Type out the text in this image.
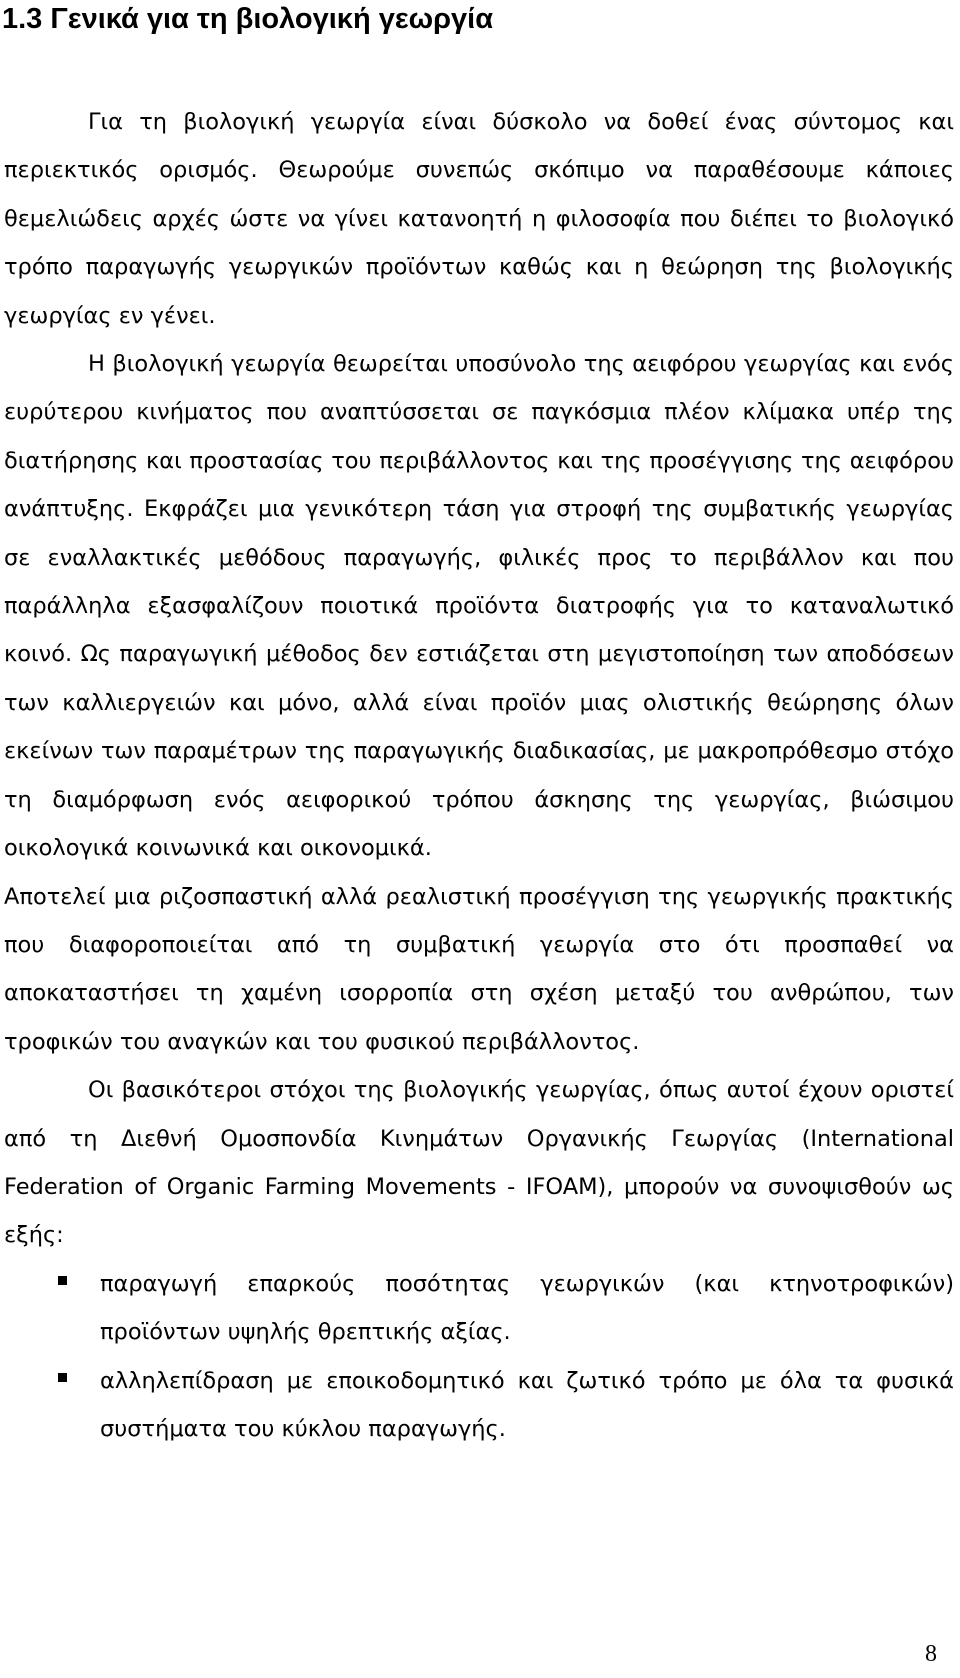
1.3 Γενικά για τη βιολογική γεωργία

Για τη βιολογική γεωργία είναι δύσκολο να δοθεί ένας σύντομος και περιεκτικός ορισμός. Θεωρούμε συνεπώς σκόπιμο να παραθέσουμε κάποιες θεμελιώδεις αρχές ώστε να γίνει κατανοητή η φιλοσοφία που διέπει το βιολογικό τρόπο παραγωγής γεωργικών προϊόντων καθώς και η θεώρηση της βιολογικής γεωργίας εν γένει.

Η βιολογική γεωργία θεωρείται υποσύνολο της αειφόρου γεωργίας και ενός ευρύτερου κινήματος που αναπτύσσεται σε παγκόσμια πλέον κλίμακα υπέρ της διατήρησης και προστασίας του περιβάλλοντος και της προσέγγισης της αειφόρου ανάπτυξης. Εκφράζει μια γενικότερη τάση για στροφή της συμβατικής γεωργίας σε εναλλακτικές μεθόδους παραγωγής, φιλικές προς το περιβάλλον και που παράλληλα εξασφαλίζουν ποιοτικά προϊόντα διατροφής για το καταναλωτικό κοινό. Ως παραγωγική μέθοδος δεν εστιάζεται στη μεγιστοποίηση των αποδόσεων των καλλιεργειών και μόνο, αλλά είναι προϊόν μιας ολιστικής θεώρησης όλων εκείνων των παραμέτρων της παραγωγικής διαδικασίας, με μακροπρόθεσμο στόχο τη διαμόρφωση ενός αειφορικού τρόπου άσκησης της γεωργίας, βιώσιμου οικολογικά κοινωνικά και οικονομικά.

Αποτελεί μια ριζοσπαστική αλλά ρεαλιστική προσέγγιση της γεωργικής πρακτικής που διαφοροποιείται από τη συμβατική γεωργία στο ότι προσπαθεί να αποκαταστήσει τη χαμένη ισορροπία στη σχέση μεταξύ του ανθρώπου, των τροφικών του αναγκών και του φυσικού περιβάλλοντος.

Οι βασικότεροι στόχοι της βιολογικής γεωργίας, όπως αυτοί έχουν οριστεί από τη Διεθνή Ομοσπονδία Κινημάτων Οργανικής Γεωργίας (International Federation of Organic Farming Movements - IFOAM), μπορούν να συνοψισθούν ως εξής:

παραγωγή επαρκούς ποσότητας γεωργικών (και κτηνοτροφικών) προϊόντων υψηλής θρεπτικής αξίας.
αλληλεπίδραση με εποικοδομητικό και ζωτικό τρόπο με όλα τα φυσικά συστήματα του κύκλου παραγωγής.
8
